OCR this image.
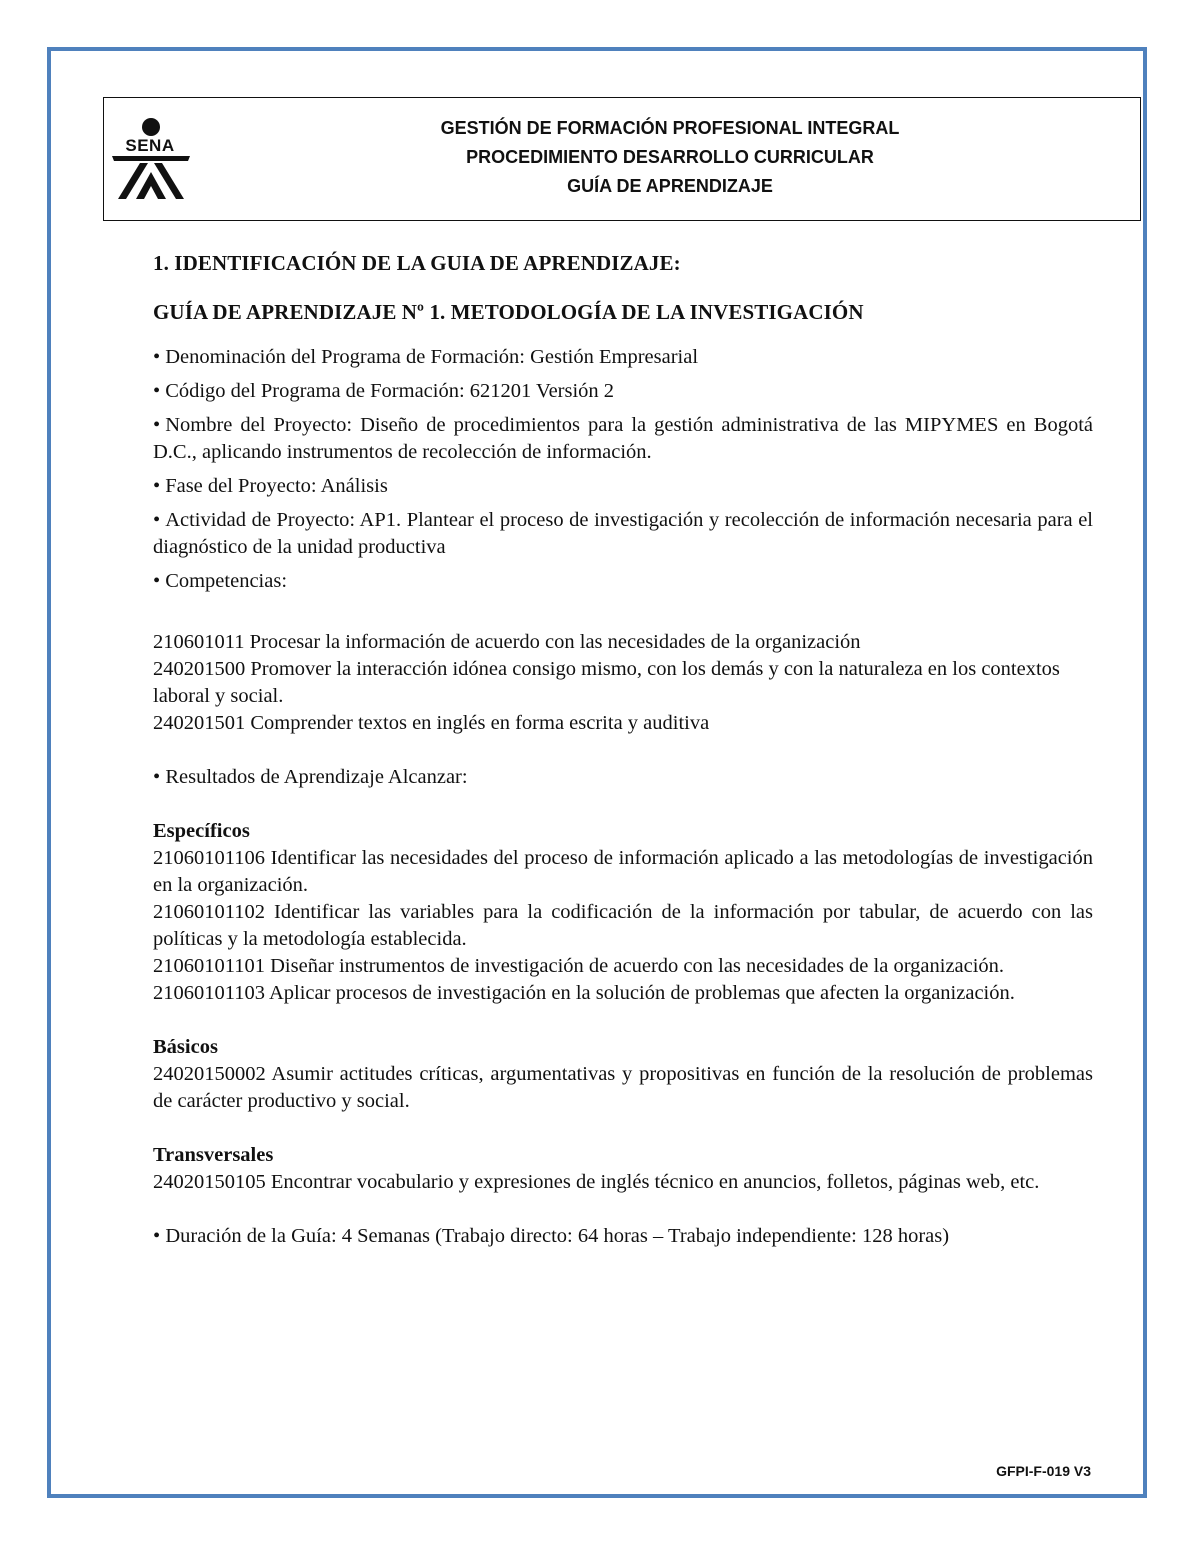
SENA
GESTIÓN DE FORMACIÓN PROFESIONAL INTEGRAL
PROCEDIMIENTO DESARROLLO CURRICULAR
GUÍA DE APRENDIZAJE

1. IDENTIFICACIÓN DE LA GUIA DE APRENDIZAJE:

GUÍA DE APRENDIZAJE Nº 1. METODOLOGÍA DE LA INVESTIGACIÓN

• Denominación del Programa de Formación: Gestión Empresarial
• Código del Programa de Formación: 621201 Versión 2
• Nombre del Proyecto: Diseño de procedimientos para la gestión administrativa de las MIPYMES en Bogotá D.C., aplicando instrumentos de recolección de información.
• Fase del Proyecto: Análisis
• Actividad de Proyecto: AP1. Plantear el proceso de investigación y recolección de información necesaria para el diagnóstico de la unidad productiva
• Competencias:

210601011 Procesar la información de acuerdo con las necesidades de la organización

240201500 Promover la interacción idónea consigo mismo, con los demás y con la naturaleza en los contextos laboral y social.

240201501 Comprender textos en inglés en forma escrita y auditiva

• Resultados de Aprendizaje Alcanzar:

Específicos

21060101106 Identificar las necesidades del proceso de información aplicado a las metodologías de investigación en la organización.

21060101102 Identificar las variables para la codificación de la información por tabular, de acuerdo con las políticas y la metodología establecida.

21060101101 Diseñar instrumentos de investigación de acuerdo con las necesidades de la organización.

21060101103 Aplicar procesos de investigación en la solución de problemas que afecten la organización.

Básicos

24020150002 Asumir actitudes críticas, argumentativas y propositivas en función de la resolución de problemas de carácter productivo y social.

Transversales

24020150105 Encontrar vocabulario y expresiones de inglés técnico en anuncios, folletos, páginas web, etc.

• Duración de la Guía: 4 Semanas (Trabajo directo: 64 horas – Trabajo independiente: 128 horas)

GFPI-F-019 V3
